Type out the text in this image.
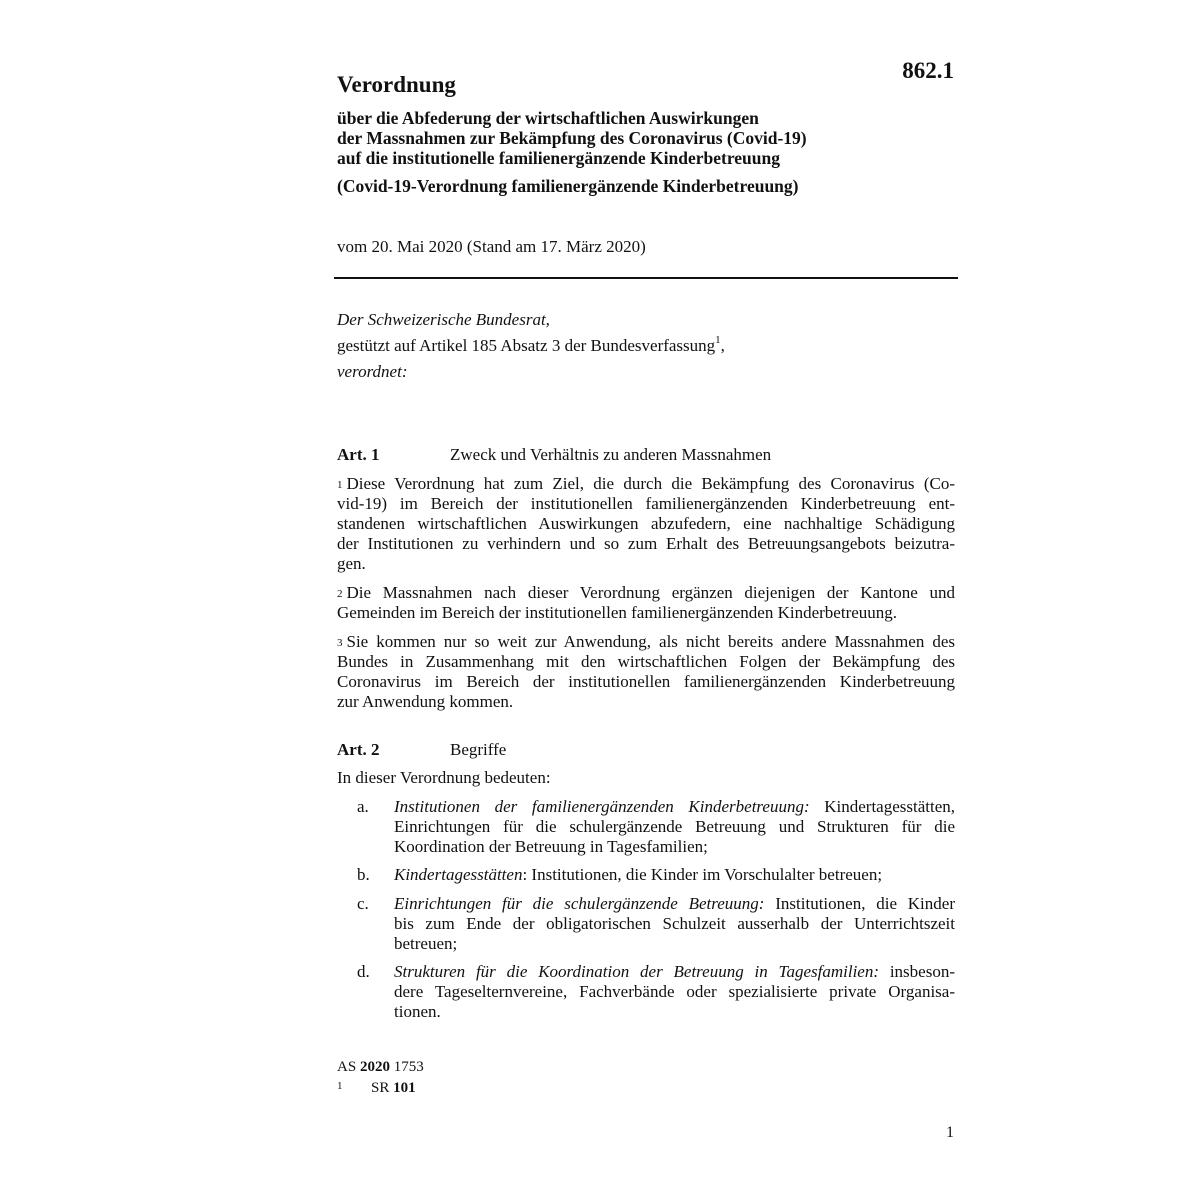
862.1
Verordnung
über die Abfederung der wirtschaftlichen Auswirkungen
der Massnahmen zur Bekämpfung des Coronavirus (Covid-19)
auf die institutionelle familienergänzende Kinderbetreuung
(Covid-19-Verordnung familienergänzende Kinderbetreuung)
vom 20. Mai 2020 (Stand am 17. März 2020)
Der Schweizerische Bundesrat,
gestützt auf Artikel 185 Absatz 3 der Bundesverfassung$^1$,
verordnet:
Art. 1	Zweck und Verhältnis zu anderen Massnahmen
$^1$ Diese Verordnung hat zum Ziel, die durch die Bekämpfung des Coronavirus (Co-
vid-19) im Bereich der institutionellen familienergänzenden Kinderbetreuung ent-
standenen wirtschaftlichen Auswirkungen abzufedern, eine nachhaltige Schädigung
der Institutionen zu verhindern und so zum Erhalt des Betreuungsangebots beizutra-
gen.
$^2$ Die Massnahmen nach dieser Verordnung ergänzen diejenigen der Kantone und
Gemeinden im Bereich der institutionellen familienergänzenden Kinderbetreuung.
$^3$ Sie kommen nur so weit zur Anwendung, als nicht bereits andere Massnahmen des
Bundes in Zusammenhang mit den wirtschaftlichen Folgen der Bekämpfung des
Coronavirus im Bereich der institutionellen familienergänzenden Kinderbetreuung
zur Anwendung kommen.
Art. 2	Begriffe
In dieser Verordnung bedeuten:
a. Institutionen der familienergänzenden Kinderbetreuung: Kindertagesstätten,
Einrichtungen für die schulergänzende Betreuung und Strukturen für die
Koordination der Betreuung in Tagesfamilien;
b. Kindertagesstätten: Institutionen, die Kinder im Vorschulalter betreuen;
c. Einrichtungen für die schulergänzende Betreuung: Institutionen, die Kinder
bis zum Ende der obligatorischen Schulzeit ausserhalb der Unterrichtszeit
betreuen;
d. Strukturen für die Koordination der Betreuung in Tagesfamilien: insbeson-
dere Tageselternvereine, Fachverbände oder spezialisierte private Organisa-
tionen.
AS 2020 1753
1 SR 101
1
